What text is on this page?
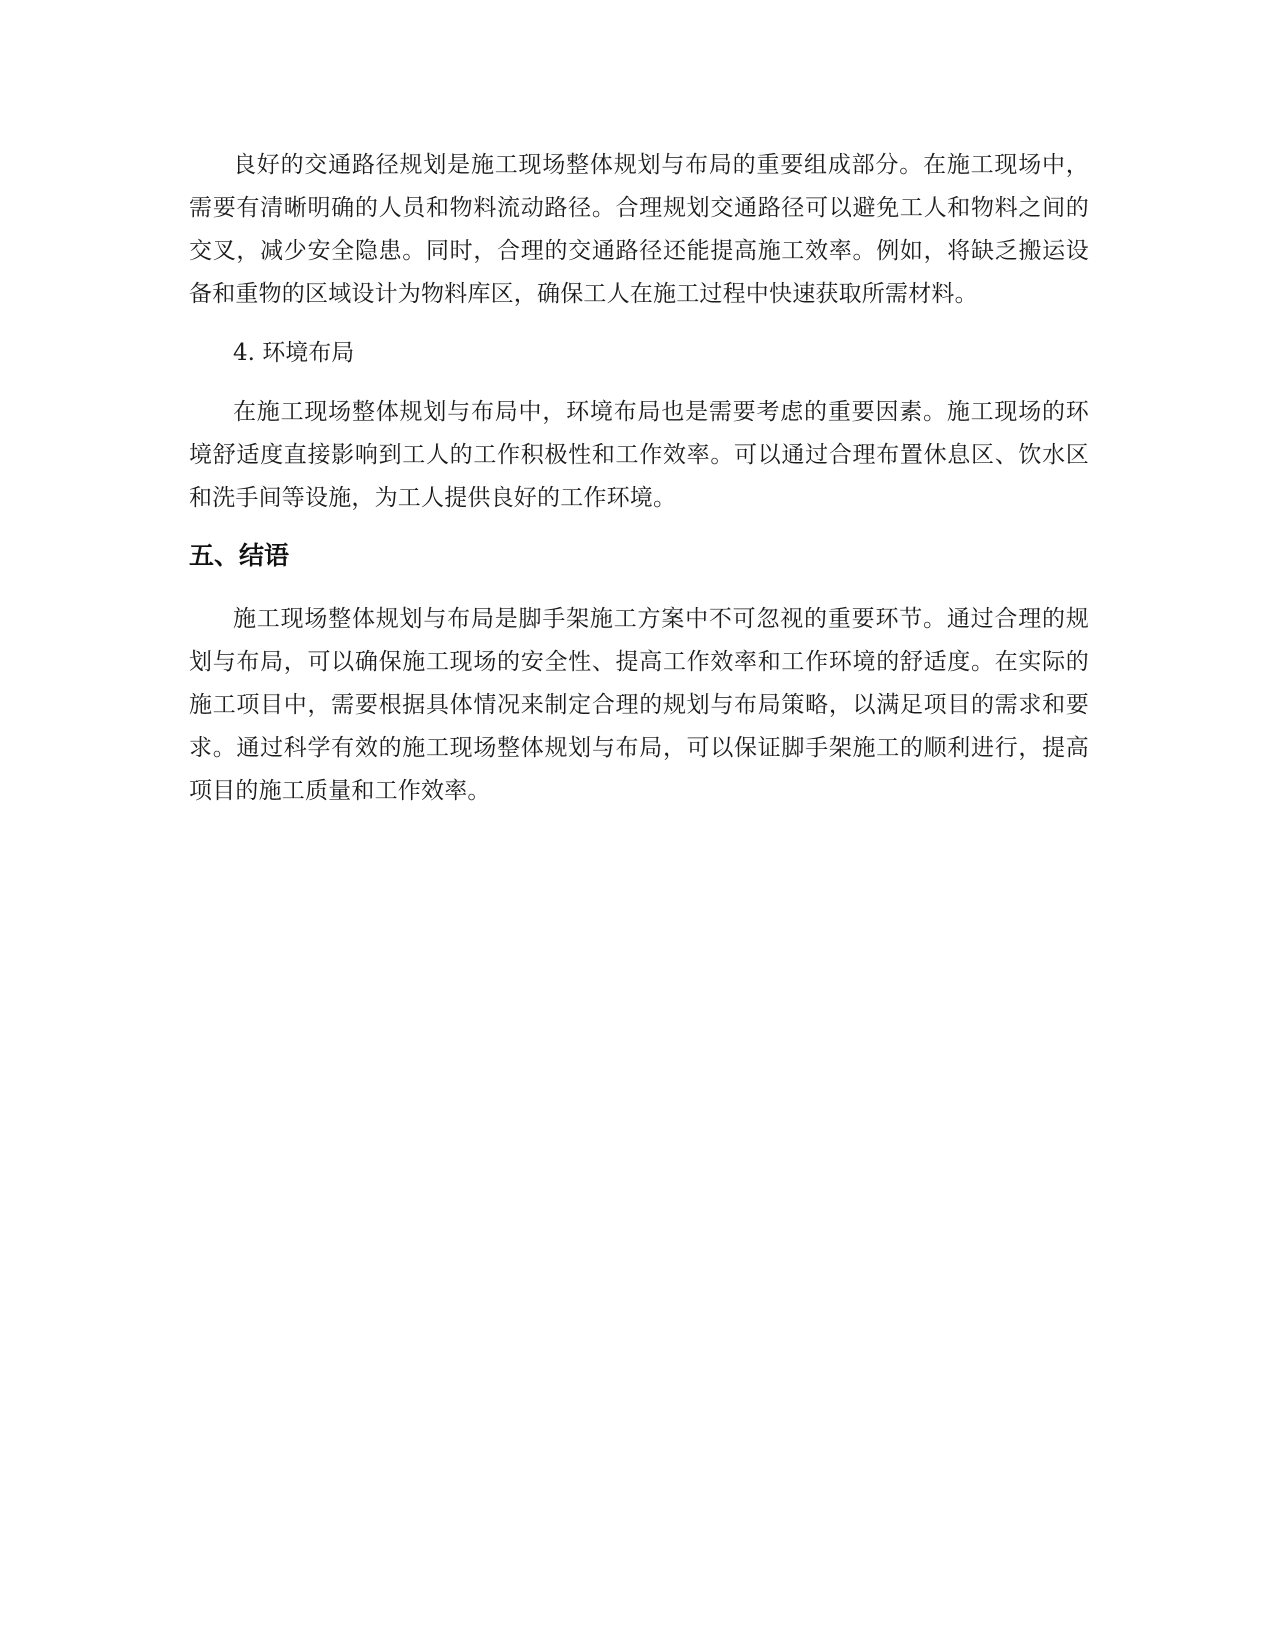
良好的交通路径规划是施工现场整体规划与布局的重要组成部分。在施工现场中，需要有清晰明确的人员和物料流动路径。合理规划交通路径可以避免工人和物料之间的交叉，减少安全隐患。同时，合理的交通路径还能提高施工效率。例如，将缺乏搬运设备和重物的区域设计为物料库区，确保工人在施工过程中快速获取所需材料。

4. 环境布局

在施工现场整体规划与布局中，环境布局也是需要考虑的重要因素。施工现场的环境舒适度直接影响到工人的工作积极性和工作效率。可以通过合理布置休息区、饮水区和洗手间等设施，为工人提供良好的工作环境。

五、结语

施工现场整体规划与布局是脚手架施工方案中不可忽视的重要环节。通过合理的规划与布局，可以确保施工现场的安全性、提高工作效率和工作环境的舒适度。在实际的施工项目中，需要根据具体情况来制定合理的规划与布局策略，以满足项目的需求和要求。通过科学有效的施工现场整体规划与布局，可以保证脚手架施工的顺利进行，提高项目的施工质量和工作效率。
